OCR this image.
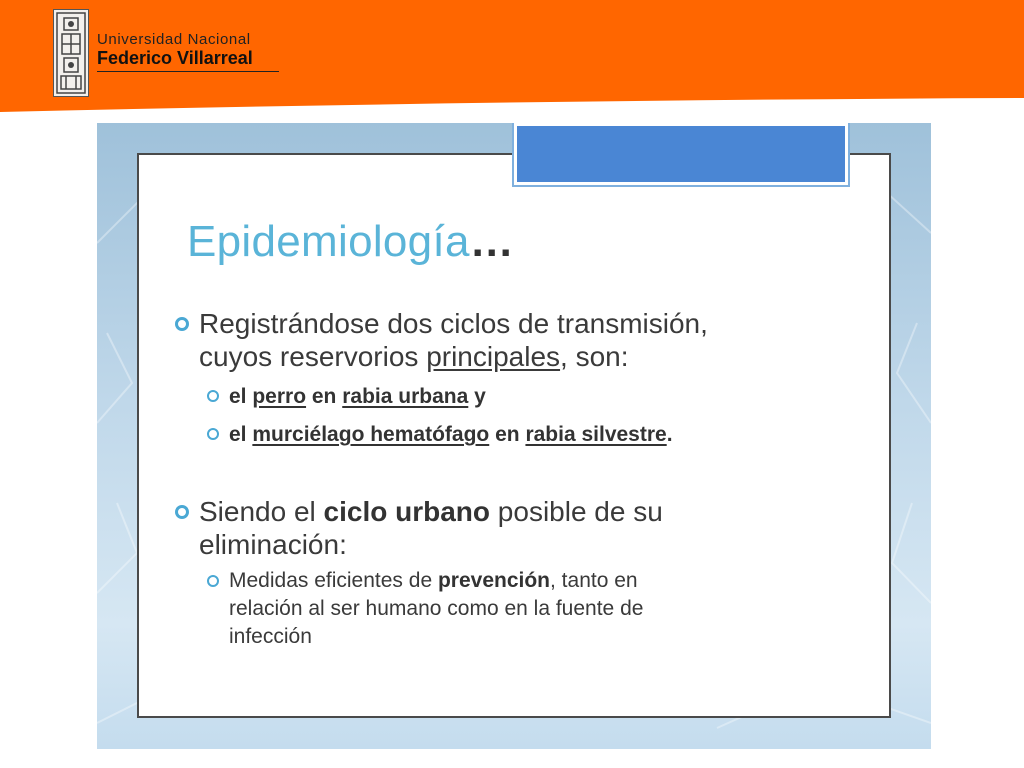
Universidad Nacional
Federico Villarreal
Epidemiología…
Registrándose dos ciclos de transmisión,
cuyos reservorios principales, son:
el perro en rabia urbana y
el murciélago hematófago en rabia silvestre.
Siendo el ciclo urbano posible de su
eliminación:
Medidas eficientes de prevención, tanto en
relación al ser humano como en la fuente de
infección
